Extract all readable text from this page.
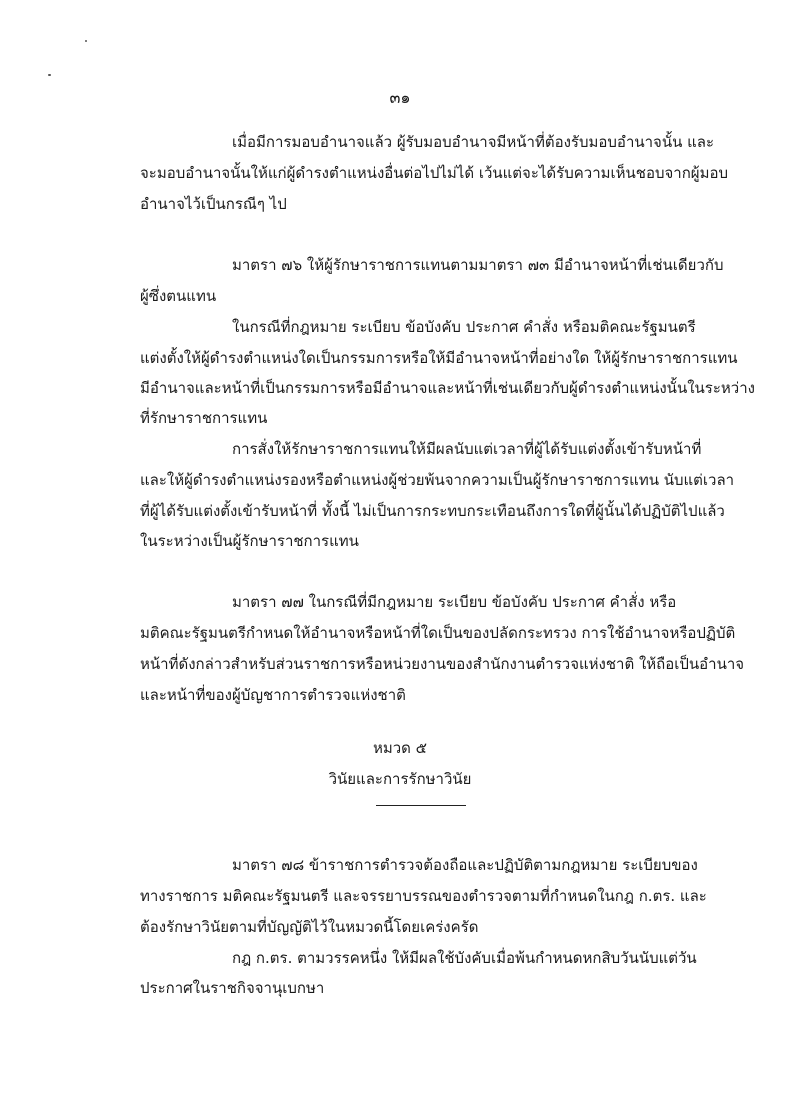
๓๑
เมื่อมีการมอบอำนาจแล้ว ผู้รับมอบอำนาจมีหน้าที่ต้องรับมอบอำนาจนั้น และ
จะมอบอำนาจนั้นให้แก่ผู้ดำรงตำแหน่งอื่นต่อไปไม่ได้ เว้นแต่จะได้รับความเห็นชอบจากผู้มอบ
อำนาจไว้เป็นกรณีๆ ไป
มาตรา ๗๖ ให้ผู้รักษาราชการแทนตามมาตรา ๗๓ มีอำนาจหน้าที่เช่นเดียวกับ
ผู้ซึ่งตนแทน
ในกรณีที่กฎหมาย ระเบียบ ข้อบังคับ ประกาศ คำสั่ง หรือมติคณะรัฐมนตรี
แต่งตั้งให้ผู้ดำรงตำแหน่งใดเป็นกรรมการหรือให้มีอำนาจหน้าที่อย่างใด ให้ผู้รักษาราชการแทน
มีอำนาจและหน้าที่เป็นกรรมการหรือมีอำนาจและหน้าที่เช่นเดียวกับผู้ดำรงตำแหน่งนั้นในระหว่าง
ที่รักษาราชการแทน
การสั่งให้รักษาราชการแทนให้มีผลนับแต่เวลาที่ผู้ได้รับแต่งตั้งเข้ารับหน้าที่
และให้ผู้ดำรงตำแหน่งรองหรือตำแหน่งผู้ช่วยพ้นจากความเป็นผู้รักษาราชการแทน นับแต่เวลา
ที่ผู้ได้รับแต่งตั้งเข้ารับหน้าที่ ทั้งนี้ ไม่เป็นการกระทบกระเทือนถึงการใดที่ผู้นั้นได้ปฏิบัติไปแล้ว
ในระหว่างเป็นผู้รักษาราชการแทน
มาตรา ๗๗ ในกรณีที่มีกฎหมาย ระเบียบ ข้อบังคับ ประกาศ คำสั่ง หรือ
มติคณะรัฐมนตรีกำหนดให้อำนาจหรือหน้าที่ใดเป็นของปลัดกระทรวง การใช้อำนาจหรือปฏิบัติ
หน้าที่ดังกล่าวสำหรับส่วนราชการหรือหน่วยงานของสำนักงานตำรวจแห่งชาติ ให้ถือเป็นอำนาจ
และหน้าที่ของผู้บัญชาการตำรวจแห่งชาติ
หมวด ๕
วินัยและการรักษาวินัย
มาตรา ๗๘ ข้าราชการตำรวจต้องถือและปฏิบัติตามกฎหมาย ระเบียบของ
ทางราชการ มติคณะรัฐมนตรี และจรรยาบรรณของตำรวจตามที่กำหนดในกฎ ก.ตร. และ
ต้องรักษาวินัยตามที่บัญญัติไว้ในหมวดนี้โดยเคร่งครัด
กฎ ก.ตร. ตามวรรคหนึ่ง ให้มีผลใช้บังคับเมื่อพ้นกำหนดหกสิบวันนับแต่วัน
ประกาศในราชกิจจานุเบกษา
